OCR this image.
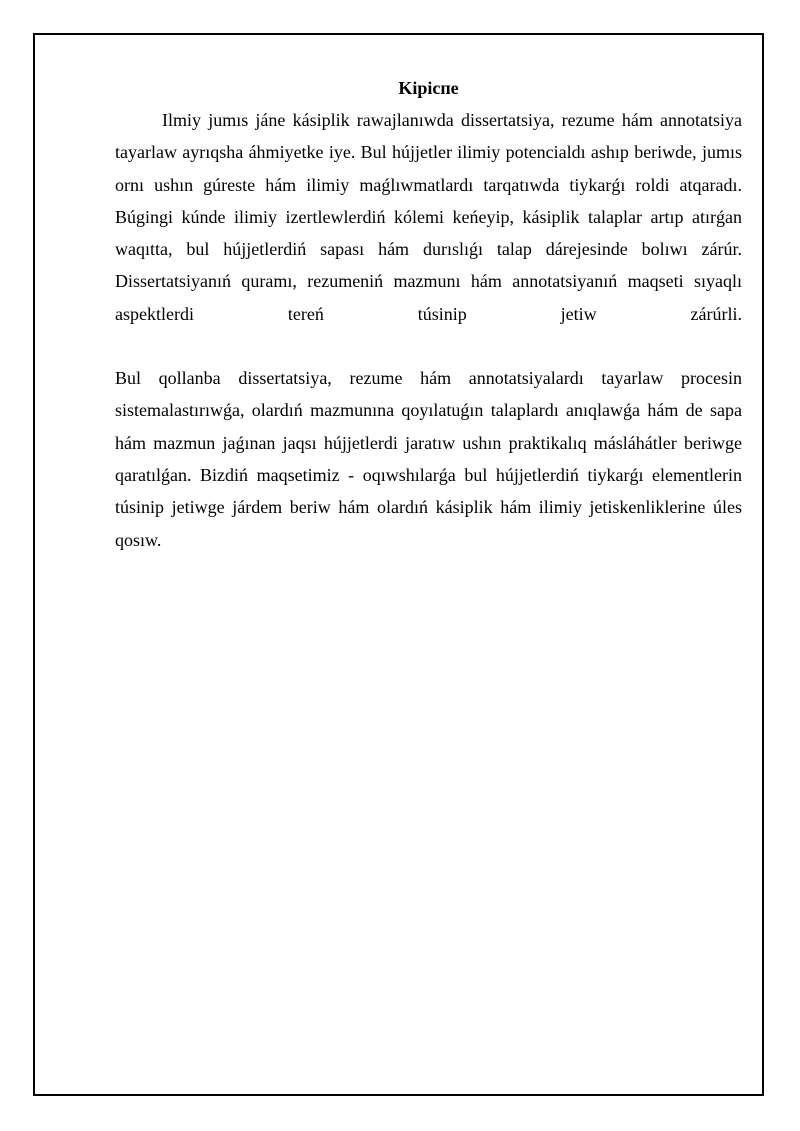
Kipicпe

Ilmiy jumıs jáne kásiplik rawajlanıwda dissertatsiya, rezume hám annotatsiya tayarlaw ayrıqsha áhmiyetke iye. Bul hújjetler ilimiy potencialdı ashıp beriwde, jumıs ornı ushın gúreste hám ilimiy maǵlıwmatlardı tarqatıwda tiykarǵı roldi atqaradı. Búgingi kúnde ilimiy izertlewlerdiń kólemi keńeyip, kásiplik talaplar artıp atırǵan waqıtta, bul hújjetlerdiń sapası hám durıslıǵı talap dárejesinde bolıwı zárúr. Dissertatsiyanıń quramı, rezumeniń mazmunı hám annotatsiyanıń maqseti sıyaqlı aspektlerdi tereń túsinip jetiw zárúrli.

Bul qollanba dissertatsiya, rezume hám annotatsiyalardı tayarlaw procesin sistemalastırıwǵa, olardıń mazmunına qoyılatuǵın talaplardı anıqlawǵa hám de sapa hám mazmun jaǵınan jaqsı hújjetlerdi jaratıw ushın praktikalıq másláhátler beriwge qaratılǵan. Bizdiń maqsetimiz - oqıwshılarǵa bul hújjetlerdiń tiykarǵı elementlerin túsinip jetiwge járdem beriw hám olardıń kásiplik hám ilimiy jetiskenliklerine úles qosıw.
